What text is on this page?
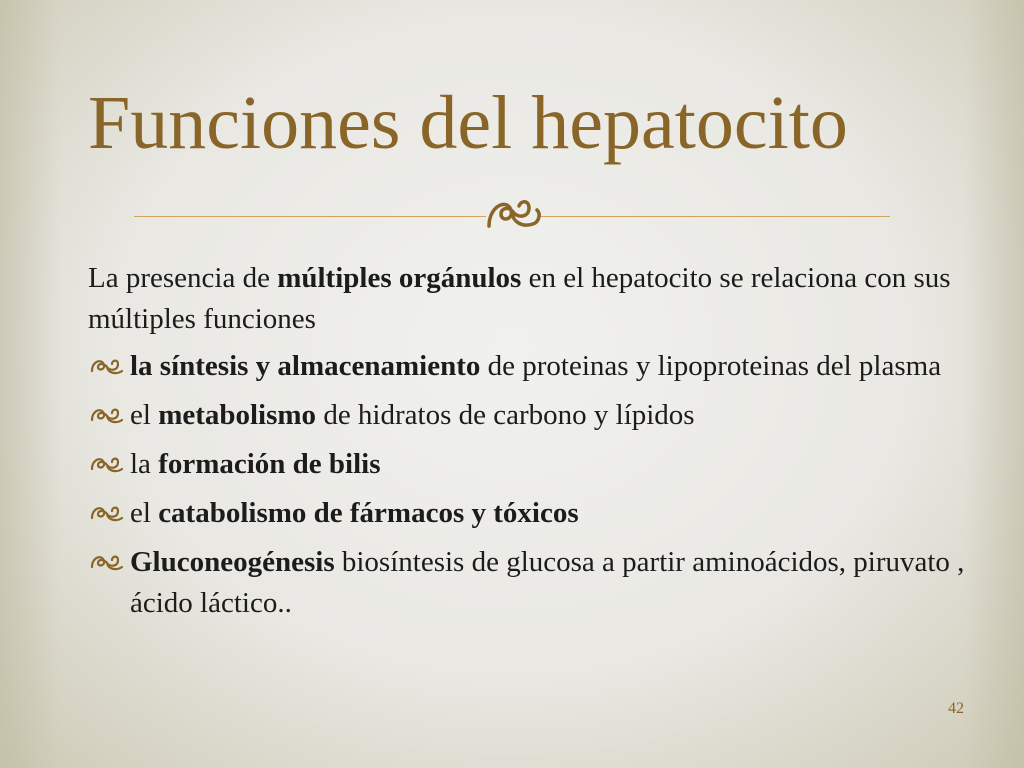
Funciones del hepatocito

La presencia de múltiples orgánulos en el hepatocito se relaciona con sus múltiples funciones

la síntesis y almacenamiento de proteinas y lipoproteinas del plasma
el metabolismo de hidratos de carbono y lípidos
la formación de bilis
el catabolismo de fármacos y tóxicos
Gluconeogénesis biosíntesis de glucosa a partir aminoácidos, piruvato , ácido láctico..
42
